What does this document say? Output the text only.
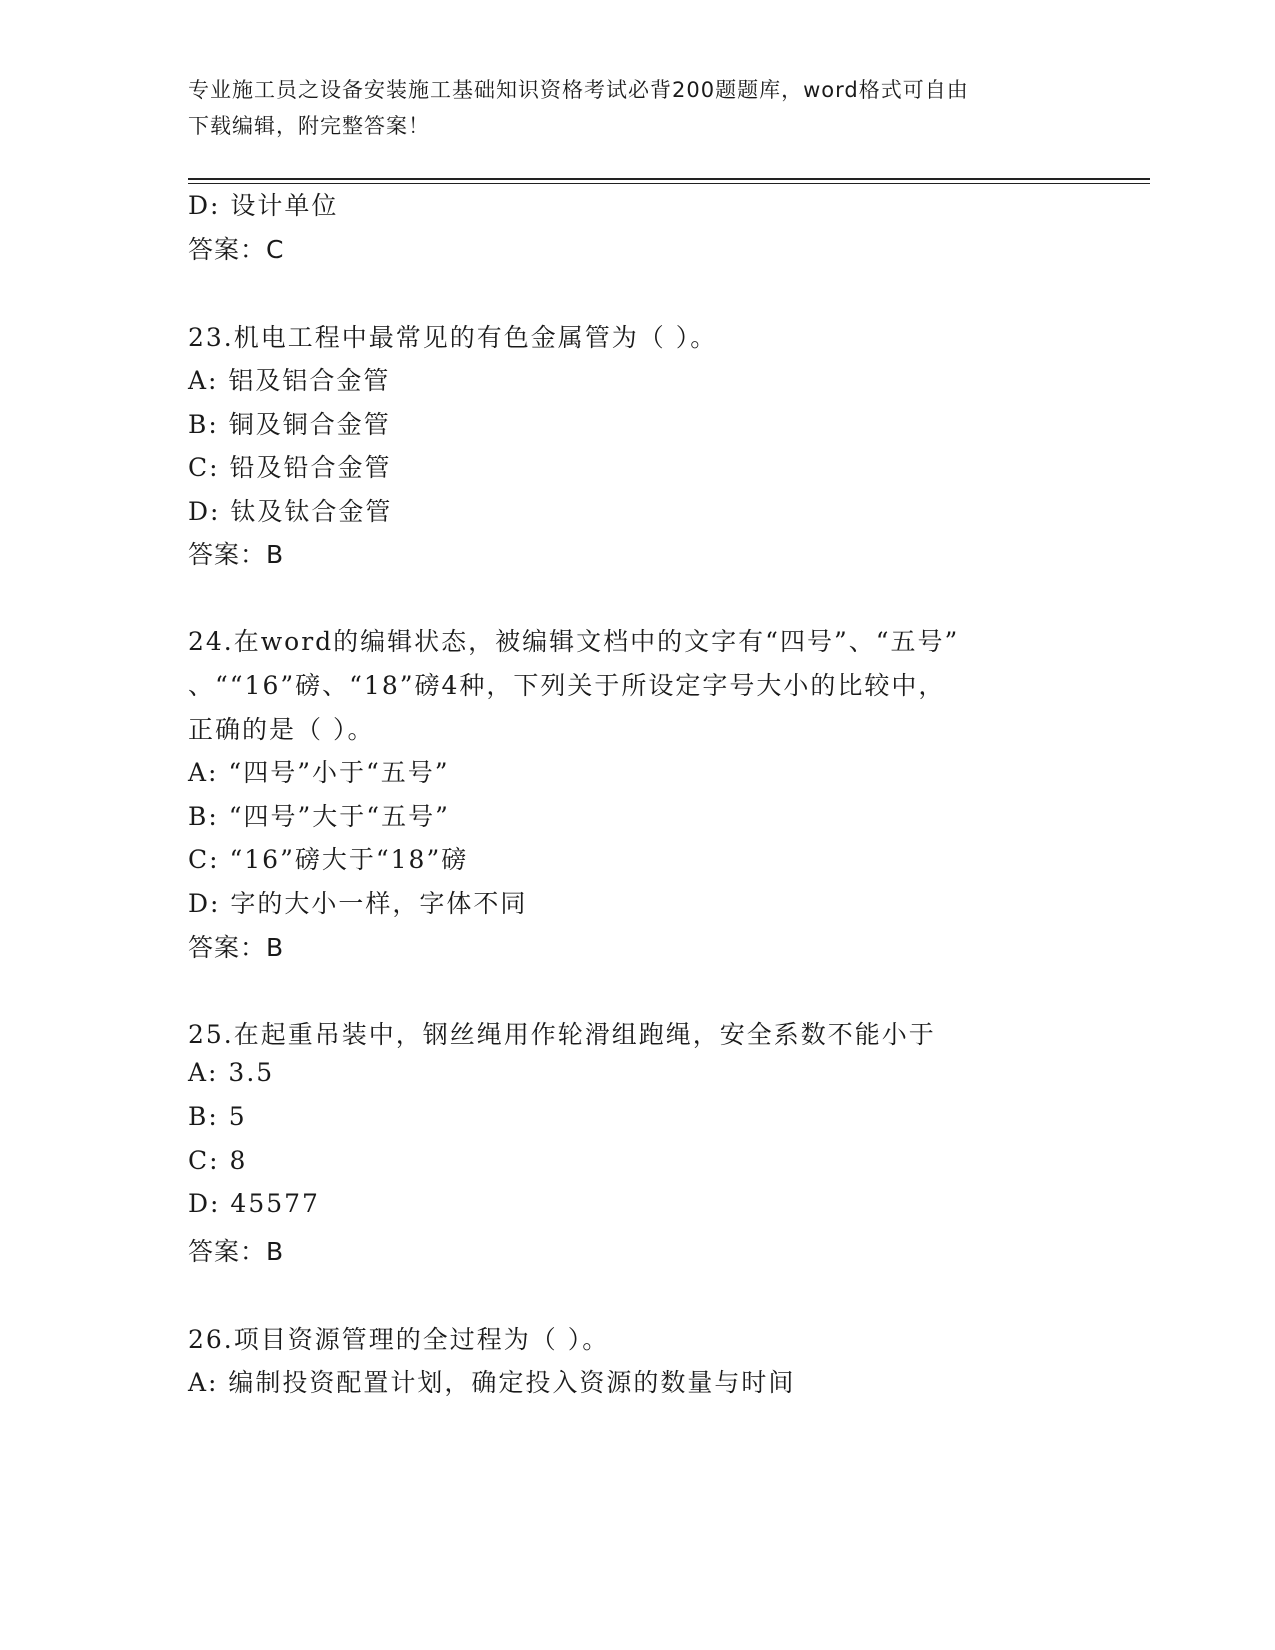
专业施工员之设备安装施工基础知识资格考试必背200题题库，word格式可自由
下载编辑，附完整答案！
D: 设计单位
答案：C
23.机电工程中最常见的有色金属管为（ ）。
A: 铝及铝合金管
B: 铜及铜合金管
C: 铅及铅合金管
D: 钛及钛合金管
答案：B
24.在word的编辑状态，被编辑文档中的文字有“四号”、“五号”
、““16”磅、“18”磅4种，下列关于所设定字号大小的比较中，
正确的是（ ）。
A: “四号”小于“五号”
B: “四号”大于“五号”
C: “16”磅大于“18”磅
D: 字的大小一样，字体不同
答案：B
25.在起重吊装中，钢丝绳用作轮滑组跑绳，安全系数不能小于
A: 3.5
B: 5
C: 8
D: 45577
答案：B
26.项目资源管理的全过程为（ ）。
A: 编制投资配置计划，确定投入资源的数量与时间
